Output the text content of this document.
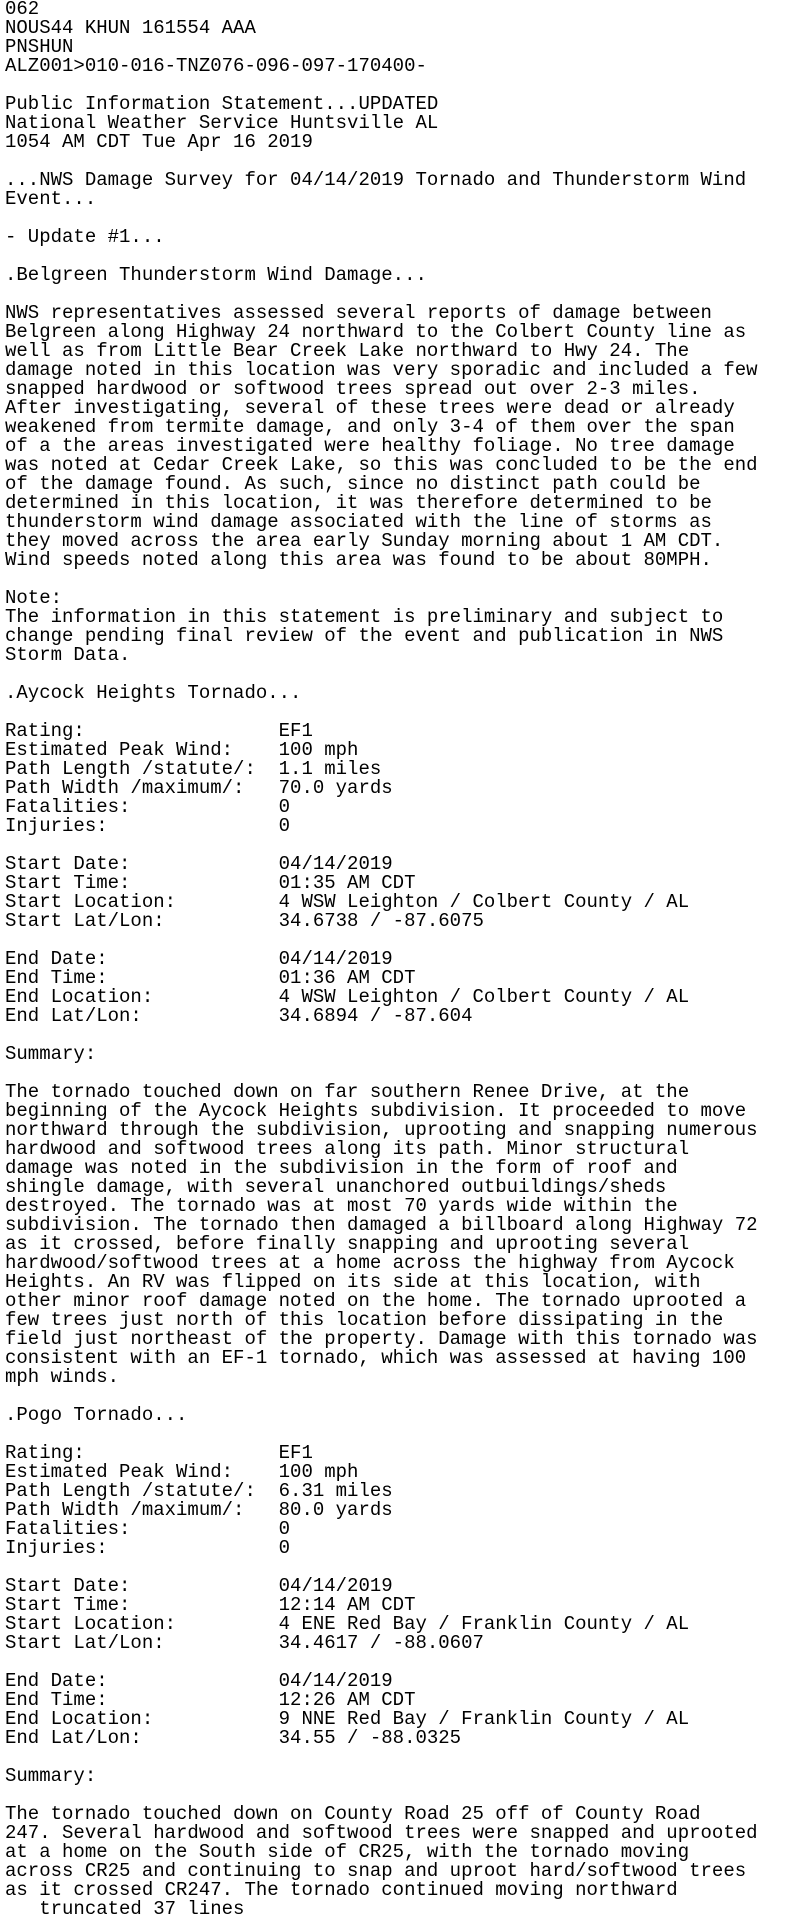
062
NOUS44 KHUN 161554 AAA
PNSHUN
ALZ001>010-016-TNZ076-096-097-170400-

Public Information Statement...UPDATED
National Weather Service Huntsville AL
1054 AM CDT Tue Apr 16 2019

...NWS Damage Survey for 04/14/2019 Tornado and Thunderstorm Wind
Event...

- Update #1...

.Belgreen Thunderstorm Wind Damage...

NWS representatives assessed several reports of damage between
Belgreen along Highway 24 northward to the Colbert County line as
well as from Little Bear Creek Lake northward to Hwy 24. The
damage noted in this location was very sporadic and included a few
snapped hardwood or softwood trees spread out over 2-3 miles.
After investigating, several of these trees were dead or already
weakened from termite damage, and only 3-4 of them over the span
of a the areas investigated were healthy foliage. No tree damage
was noted at Cedar Creek Lake, so this was concluded to be the end
of the damage found. As such, since no distinct path could be
determined in this location, it was therefore determined to be
thunderstorm wind damage associated with the line of storms as
they moved across the area early Sunday morning about 1 AM CDT.
Wind speeds noted along this area was found to be about 80MPH.

Note:
The information in this statement is preliminary and subject to
change pending final review of the event and publication in NWS
Storm Data.

.Aycock Heights Tornado...

Rating:                 EF1
Estimated Peak Wind:    100 mph
Path Length /statute/:  1.1 miles
Path Width /maximum/:   70.0 yards
Fatalities:             0
Injuries:               0

Start Date:             04/14/2019
Start Time:             01:35 AM CDT
Start Location:         4 WSW Leighton / Colbert County / AL
Start Lat/Lon:          34.6738 / -87.6075

End Date:               04/14/2019
End Time:               01:36 AM CDT
End Location:           4 WSW Leighton / Colbert County / AL
End Lat/Lon:            34.6894 / -87.604

Summary:

The tornado touched down on far southern Renee Drive, at the
beginning of the Aycock Heights subdivision. It proceeded to move
northward through the subdivision, uprooting and snapping numerous
hardwood and softwood trees along its path. Minor structural
damage was noted in the subdivision in the form of roof and
shingle damage, with several unanchored outbuildings/sheds
destroyed. The tornado was at most 70 yards wide within the
subdivision. The tornado then damaged a billboard along Highway 72
as it crossed, before finally snapping and uprooting several
hardwood/softwood trees at a home across the highway from Aycock
Heights. An RV was flipped on its side at this location, with
other minor roof damage noted on the home. The tornado uprooted a
few trees just north of this location before dissipating in the
field just northeast of the property. Damage with this tornado was
consistent with an EF-1 tornado, which was assessed at having 100
mph winds.

.Pogo Tornado...

Rating:                 EF1
Estimated Peak Wind:    100 mph
Path Length /statute/:  6.31 miles
Path Width /maximum/:   80.0 yards
Fatalities:             0
Injuries:               0

Start Date:             04/14/2019
Start Time:             12:14 AM CDT
Start Location:         4 ENE Red Bay / Franklin County / AL
Start Lat/Lon:          34.4617 / -88.0607

End Date:               04/14/2019
End Time:               12:26 AM CDT
End Location:           9 NNE Red Bay / Franklin County / AL
End Lat/Lon:            34.55 / -88.0325

Summary:

The tornado touched down on County Road 25 off of County Road
247. Several hardwood and softwood trees were snapped and uprooted
at a home on the South side of CR25, with the tornado moving
across CR25 and continuing to snap and uproot hard/softwood trees
as it crossed CR247. The tornado continued moving northward
truncated 37 lines
